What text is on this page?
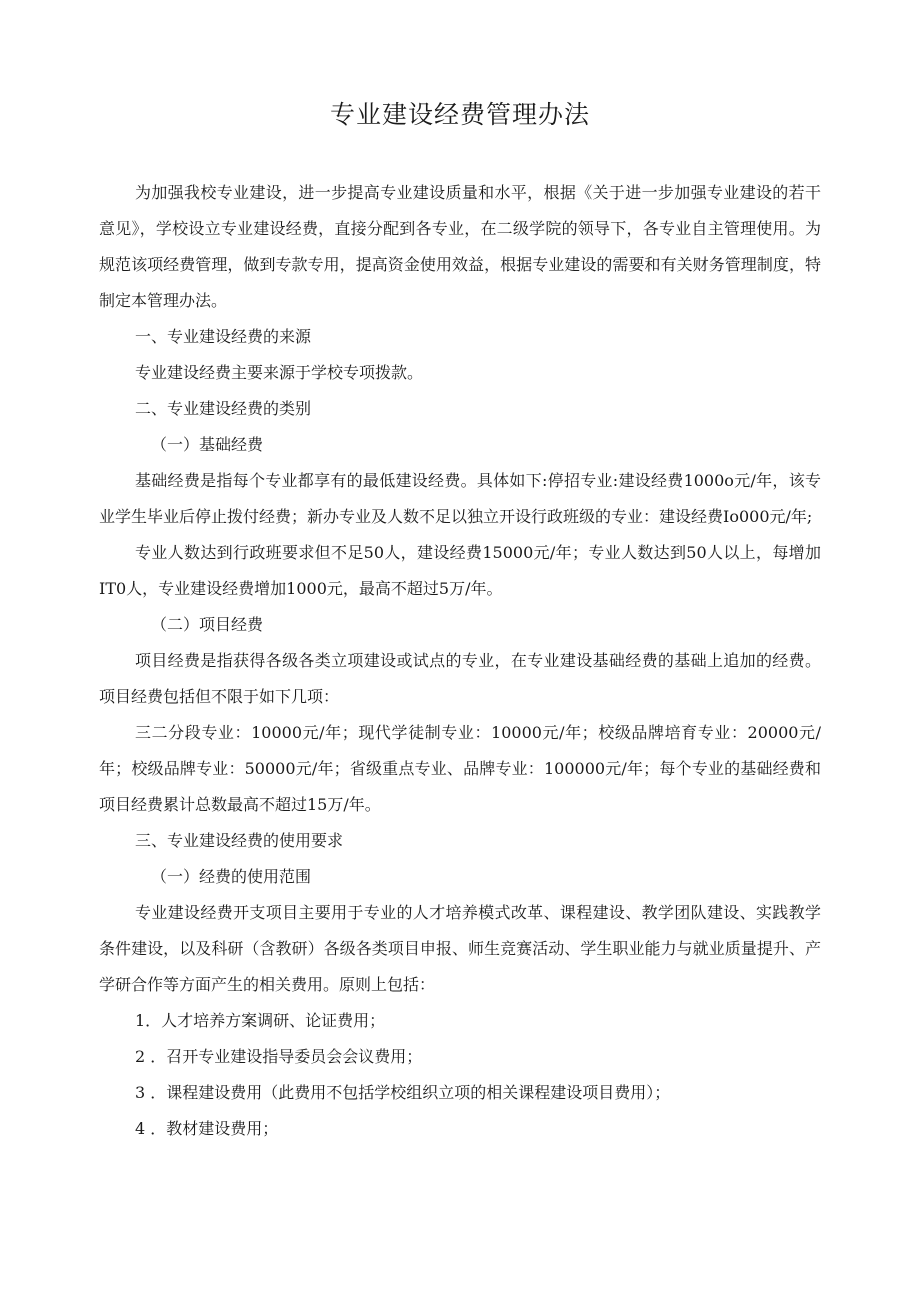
专业建设经费管理办法

为加强我校专业建设，进一步提高专业建设质量和水平，根据《关于进一步加强专业建设的若干意见》，学校设立专业建设经费，直接分配到各专业，在二级学院的领导下，各专业自主管理使用。为规范该项经费管理，做到专款专用，提高资金使用效益，根据专业建设的需要和有关财务管理制度，特制定本管理办法。

一、专业建设经费的来源

专业建设经费主要来源于学校专项拨款。

二、专业建设经费的类别

（一）基础经费

基础经费是指每个专业都享有的最低建设经费。具体如下:停招专业:建设经费1000o元/年，该专业学生毕业后停止拨付经费；新办专业及人数不足以独立开设行政班级的专业：建设经费Io000元/年;

专业人数达到行政班要求但不足50人，建设经费15000元/年；专业人数达到50人以上，每增加IT0人，专业建设经费增加1000元，最高不超过5万/年。

（二）项目经费

项目经费是指获得各级各类立项建设或试点的专业，在专业建设基础经费的基础上追加的经费。项目经费包括但不限于如下几项：

三二分段专业：10000元/年；现代学徒制专业：10000元/年；校级品牌培育专业：20000元/年；校级品牌专业：50000元/年；省级重点专业、品牌专业：100000元/年；每个专业的基础经费和项目经费累计总数最高不超过15万/年。

三、专业建设经费的使用要求

（一）经费的使用范围

专业建设经费开支项目主要用于专业的人才培养模式改革、课程建设、教学团队建设、实践教学条件建设，以及科研（含教研）各级各类项目申报、师生竞赛活动、学生职业能力与就业质量提升、产学研合作等方面产生的相关费用。原则上包括：

1．人才培养方案调研、论证费用；

2 ．召开专业建设指导委员会会议费用；

3 ．课程建设费用（此费用不包括学校组织立项的相关课程建设项目费用）；

4 ．教材建设费用；
